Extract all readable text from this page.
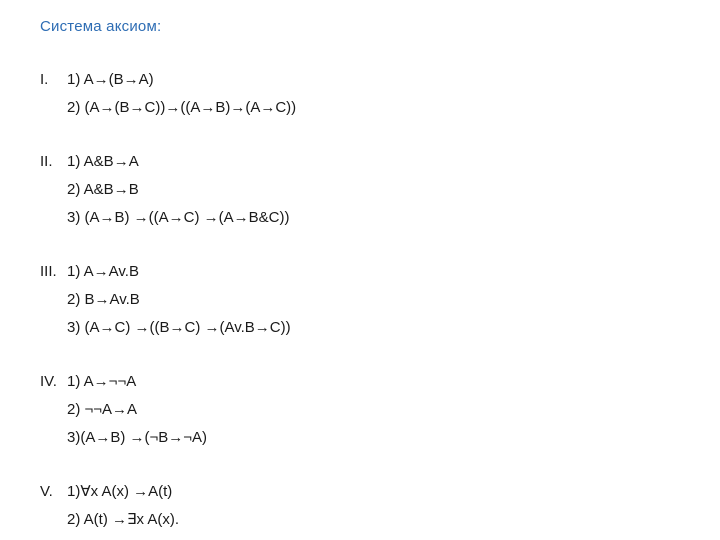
Система аксиом:
I. 1) A→(B→A)
2) (A→(B→C))→((A→B)→(A→C))
II. 1) A&B→A
2) A&B→B
3) (A→B) →((A→C) →(A→B&C))
III. 1) A→Av.B
2) B→Av.B
3) (A→C) →((B→C) →(Av.B→C))
IV. 1) A→¬¬A
2) ¬¬A→A
3)(A→B) →(¬B→¬A)
V. 1)∀x A(x) →A(t)
2) A(t) →∃x A(x).
